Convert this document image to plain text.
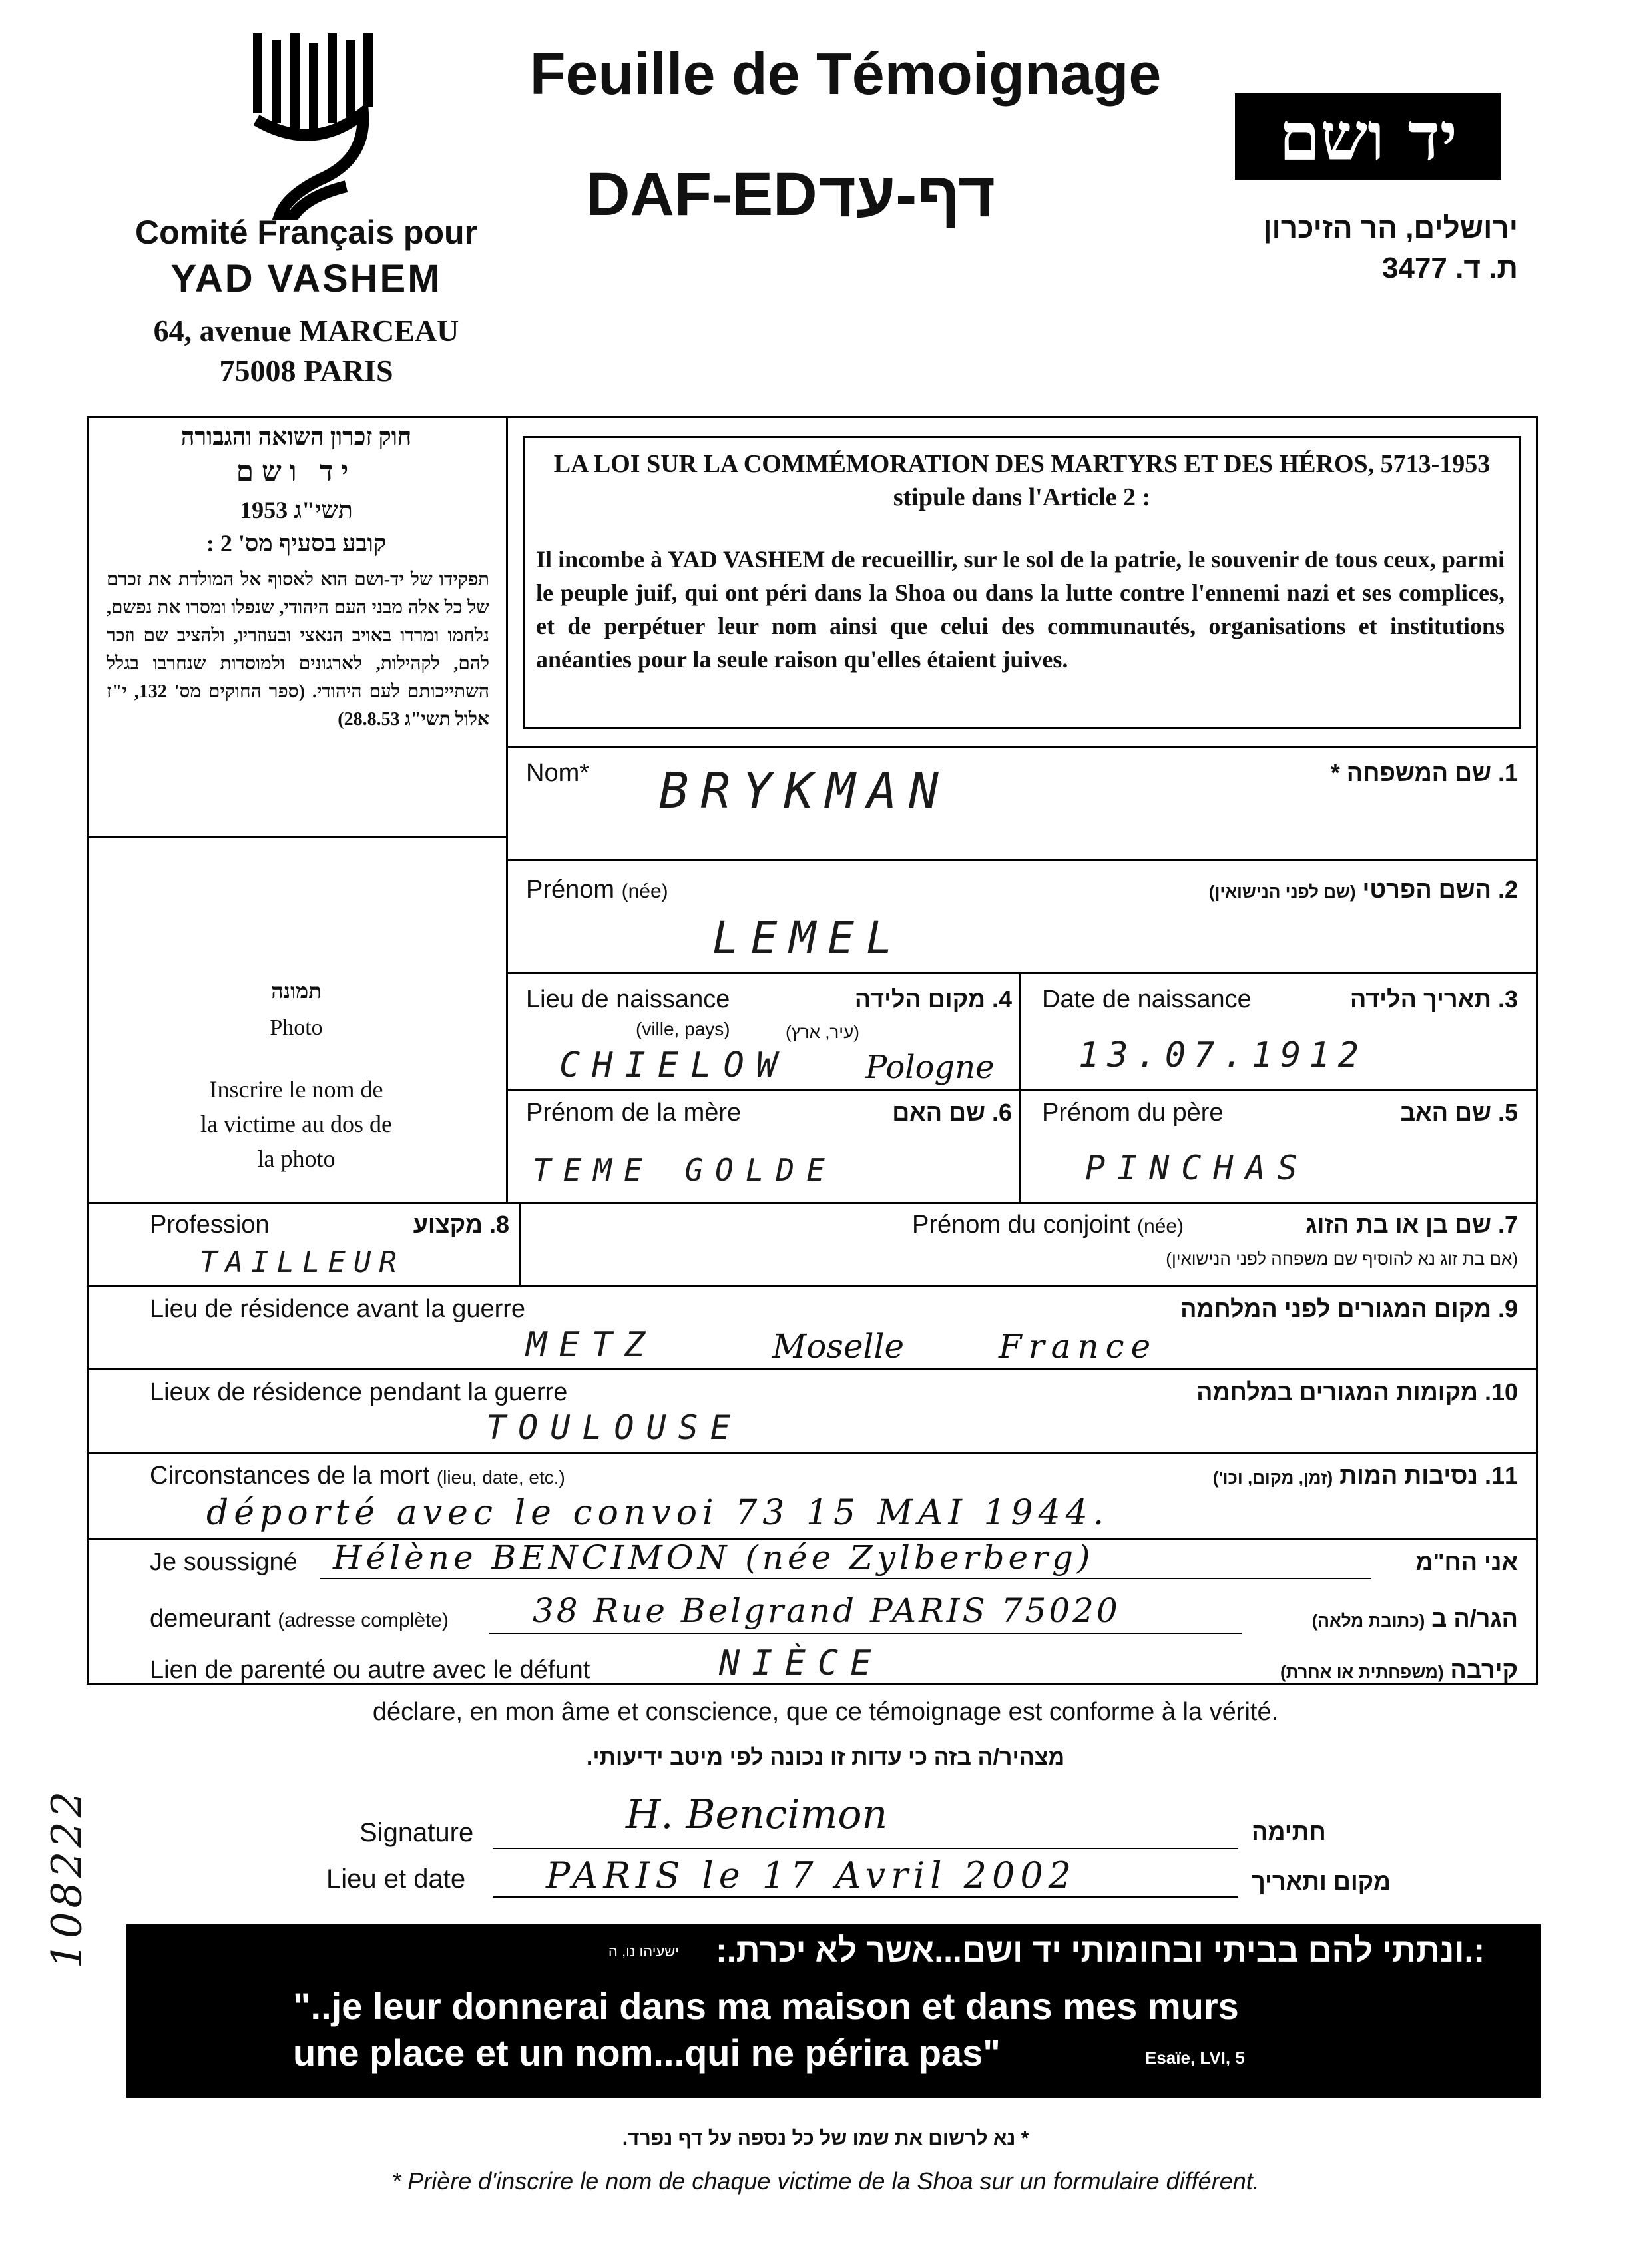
Comité Français pour
YAD VASHEM
64, avenue MARCEAU
75008 PARIS
Feuille de Témoignage
DAF-ED דף-עד
יד ושם
ירושלים, הר הזיכרון
ת. ד. 3477
חוק זכרון השואה והגבורה
יד ושם
תשי"ג 1953
קובע בסעיף מס' 2 :
תפקידו של יד-ושם הוא לאסוף אל המולדת את זכרם של כל אלה מבני העם היהודי, שנפלו ומסרו את נפשם, נלחמו ומרדו באויב הנאצי ובעוזריו, ולהציב שם וזכר להם, לקהילות, לארגונים ולמוסדות שנחרבו בגלל השתייכותם לעם היהודי. (ספר החוקים מס' 132, י"ז אלול תשי"ג 28.8.53)
LA LOI SUR LA COMMÉMORATION DES MARTYRS ET DES HÉROS, 5713-1953
stipule dans l'Article 2 :
Il incombe à YAD VASHEM de recueillir, sur le sol de la patrie, le souvenir de tous ceux, parmi le peuple juif, qui ont péri dans la Shoa ou dans la lutte contre l'ennemi nazi et ses complices, et de perpétuer leur nom ainsi que celui des communautés, organisations et institutions anéanties pour la seule raison qu'elles étaient juives.
תמונה
Photo
Inscrire le nom de la victime au dos de la photo
Nom*	1. שם המשפחה *
BRYKMAN
Prénom (née)	2. השם הפרטי (שם לפני הנישואין)
LEMEL
Lieu de naissance
(ville, pays)
4. מקום הלידה
(עיר, ארץ)
CHIELOW Pologne
Date de naissance	3. תאריך הלידה
13.07.1912
Prénom de la mère	6. שם האם
TEME GOLDE
Prénom du père	5. שם האב
PINCHAS
Profession	8. מקצוע
TAILLEUR
Prénom du conjoint (née)	7. שם בן או בת הזוג
(אם בת זוג נא להוסיף שם משפחה לפני הנישואין)
Lieu de résidence avant la guerre	9. מקום המגורים לפני המלחמה
METZ	Moselle	France
Lieux de résidence pendant la guerre	10. מקומות המגורים במלחמה
TOULOUSE
Circonstances de la mort (lieu, date, etc.)	11. נסיבות המות (זמן, מקום, וכו')
déporté avec le convoi 73 15 MAI 1944.
Je soussigné Hélène BENCIMON (née Zylberberg)	אני הח"מ
demeurant (adresse complète)	38 Rue Belgrand PARIS 75020	הגר/ה ב (כתובת מלאה)
Lien de parenté ou autre avec le défunt	NIÈCE	קירבה (משפחתית או אחרת)
déclare, en mon âme et conscience, que ce témoignage est conforme à la vérité.
מצהיר/ה בזה כי עדות זו נכונה לפי מיטב ידיעותי.
Signature	H. Bencimon	חתימה
Lieu et date PARIS le 17 Avril 2002	מקום ותאריך
108222	:.ונתתי להם בביתי ובחומותי יד ושם...אשר לא יכרת.:
ישעיהו נו, ה
"..je leur donnerai dans ma maison et dans mes murs
une place et un nom...qui ne périra pas"	Esaïe, LVI, 5
* נא לרשום את שמו של כל נספה על דף נפרד.
* Prière d'inscrire le nom de chaque victime de la Shoa sur un formulaire différent.
